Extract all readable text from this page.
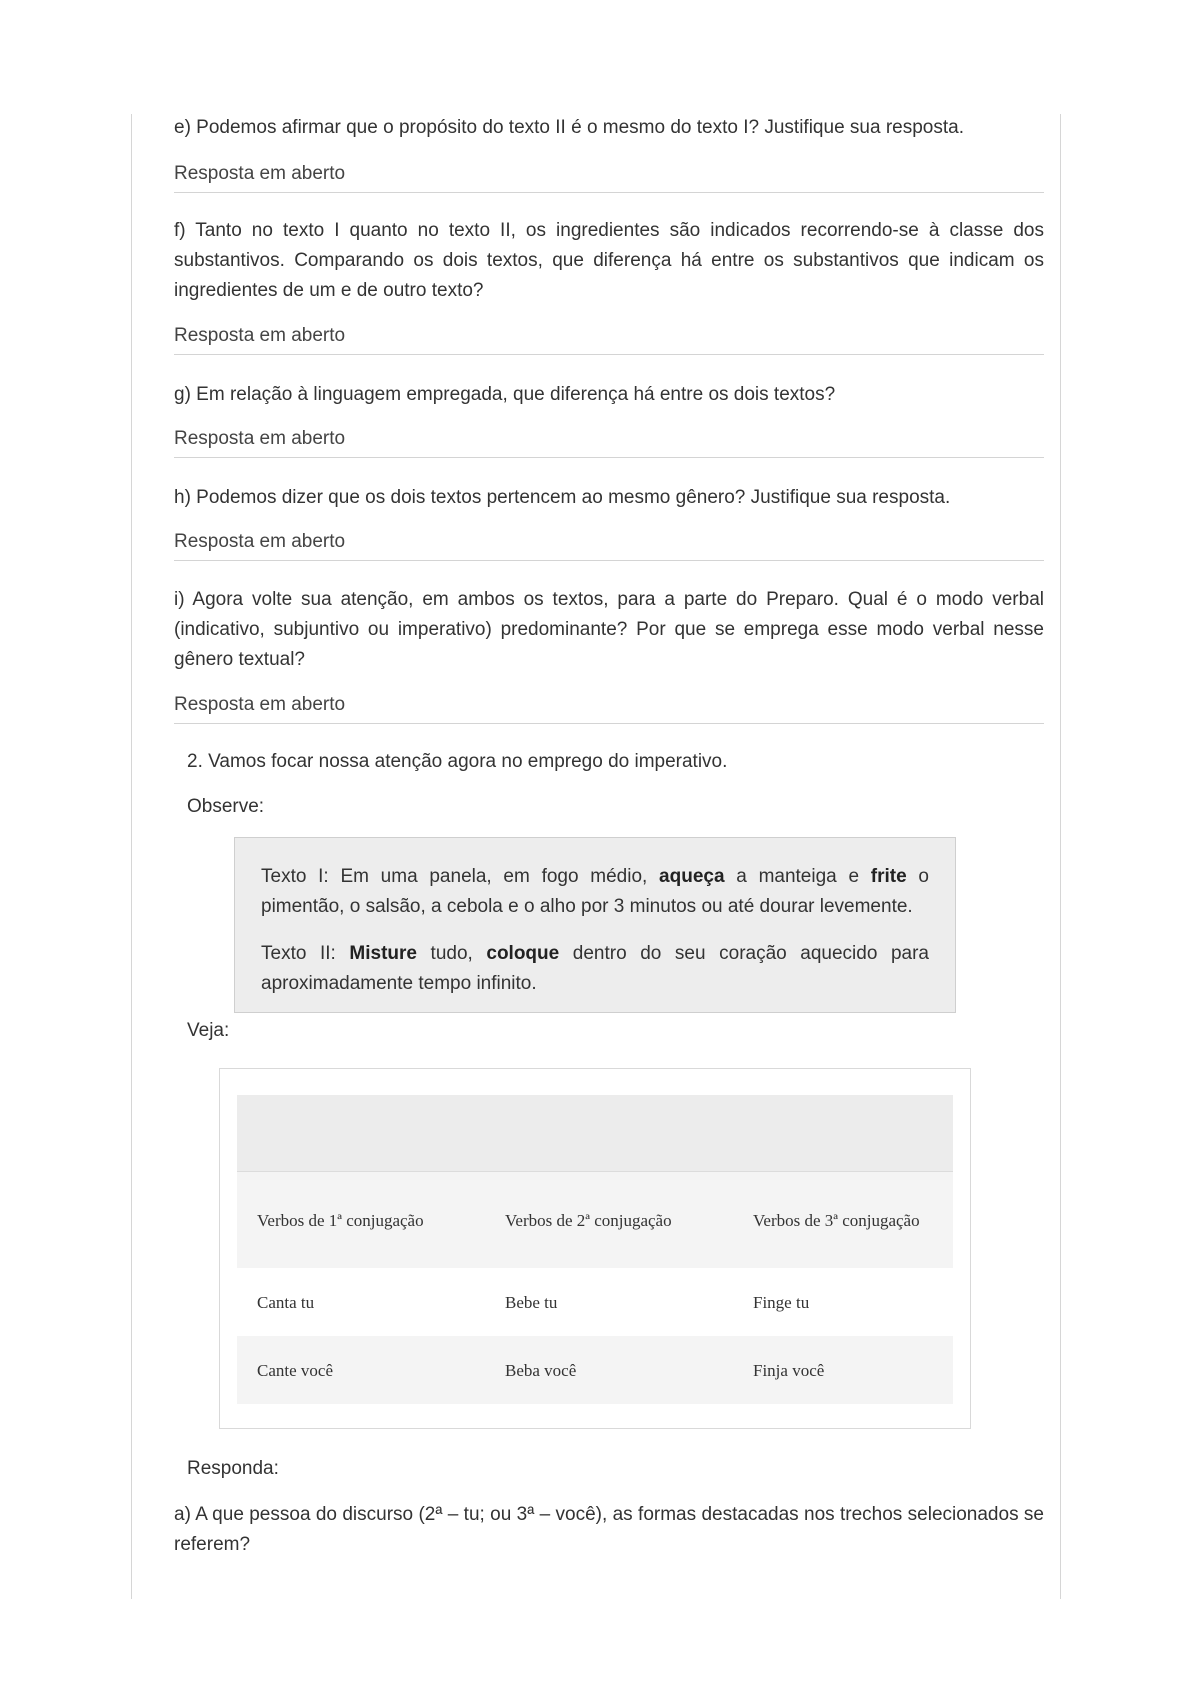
e) Podemos afirmar que o propósito do texto II é o mesmo do texto I? Justifique sua resposta.

Resposta em aberto

f) Tanto no texto I quanto no texto II, os ingredientes são indicados recorrendo-se à classe dos substantivos. Comparando os dois textos, que diferença há entre os substantivos que indicam os ingredientes de um e de outro texto?

Resposta em aberto

g) Em relação à linguagem empregada, que diferença há entre os dois textos?

Resposta em aberto

h) Podemos dizer que os dois textos pertencem ao mesmo gênero? Justifique sua resposta.

Resposta em aberto

i) Agora volte sua atenção, em ambos os textos, para a parte do Preparo. Qual é o modo verbal (indicativo, subjuntivo ou imperativo) predominante? Por que se emprega esse modo verbal nesse gênero textual?

Resposta em aberto

2. Vamos focar nossa atenção agora no emprego do imperativo.

Observe:

Texto I: Em uma panela, em fogo médio, aqueça a manteiga e frite o pimentão, o salsão, a cebola e o alho por 3 minutos ou até dourar levemente.

Texto II: Misture tudo, coloque dentro do seu coração aquecido para aproximadamente tempo infinito.

Veja:

Verbos de 1ª conjugação	Verbos de 2ª conjugação	Verbos de 3ª conjugação
Canta tu	Bebe tu	Finge tu
Cante você	Beba você	Finja você

Responda:

a) A que pessoa do discurso (2ª – tu; ou 3ª – você), as formas destacadas nos trechos selecionados se referem?
